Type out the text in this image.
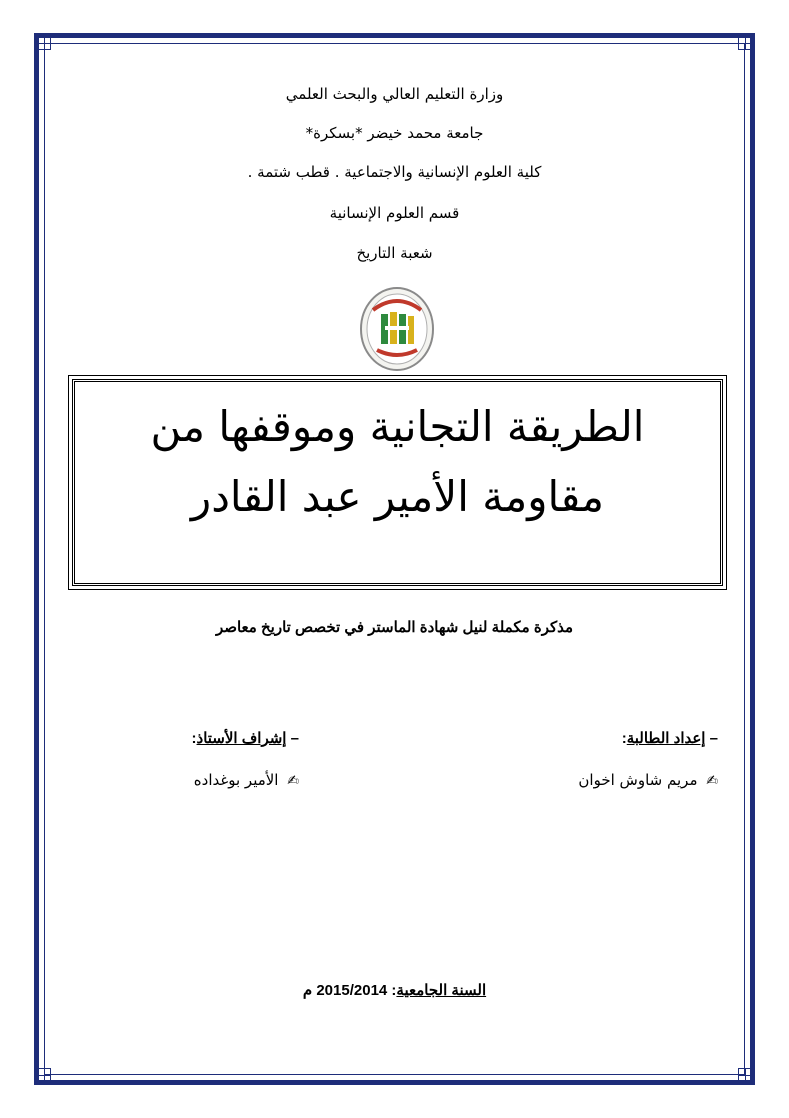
وزارة التعليم العالي والبحث العلمي
جامعة محمد خيضر *بسكرة*
كلية العلوم الإنسانية والاجتماعية . قطب شتمة .
قسم العلوم الإنسانية
شعبة التاريخ
الطريقة التجانية وموقفها من
مقاومة الأمير عبد القادر
مذكرة مكملة لنيل شهادة الماستر في تخصص تاريخ معاصر
– إعداد الطالبة:
✍ مريم شاوش اخوان
– إشراف الأستاذ:
✍ الأمير بوغداده
السنة الجامعية: 2015/2014 م
